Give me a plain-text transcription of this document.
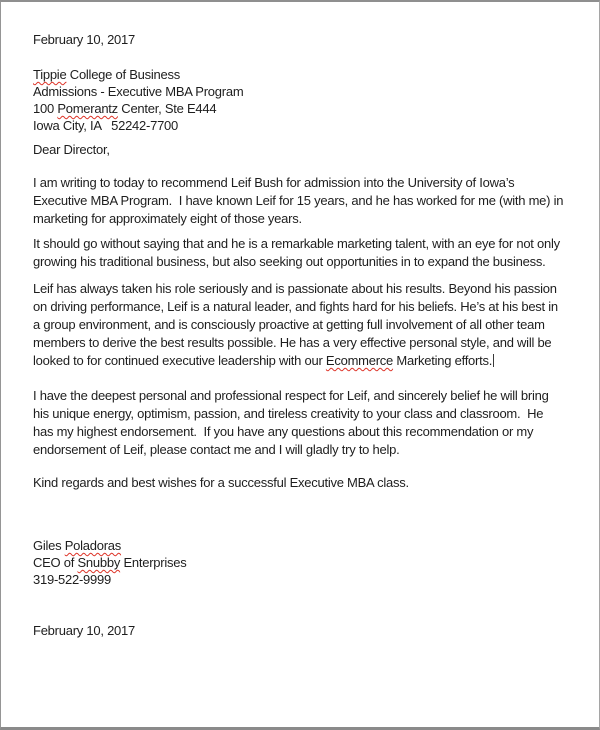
February 10, 2017
Tippie College of Business
Admissions - Executive MBA Program
100 Pomerantz Center, Ste E444
Iowa City, IA   52242-7700
Dear Director,

I am writing to today to recommend Leif Bush for admission into the University of Iowa’s Executive MBA Program.  I have known Leif for 15 years, and he has worked for me (with me) in marketing for approximately eight of those years.

It should go without saying that and he is a remarkable marketing talent, with an eye for not only growing his traditional business, but also seeking out opportunities in to expand the business.

Leif has always taken his role seriously and is passionate about his results. Beyond his passion on driving performance, Leif is a natural leader, and fights hard for his beliefs. He’s at his best in a group environment, and is consciously proactive at getting full involvement of all other team members to derive the best results possible. He has a very effective personal style, and will be looked to for continued executive leadership with our Ecommerce Marketing efforts.

I have the deepest personal and professional respect for Leif, and sincerely belief he will bring his unique energy, optimism, passion, and tireless creativity to your class and classroom.  He has my highest endorsement.  If you have any questions about this recommendation or my endorsement of Leif, please contact me and I will gladly try to help.

Kind regards and best wishes for a successful Executive MBA class.

Giles Poladoras
CEO of Snubby Enterprises
319-522-9999
February 10, 2017
